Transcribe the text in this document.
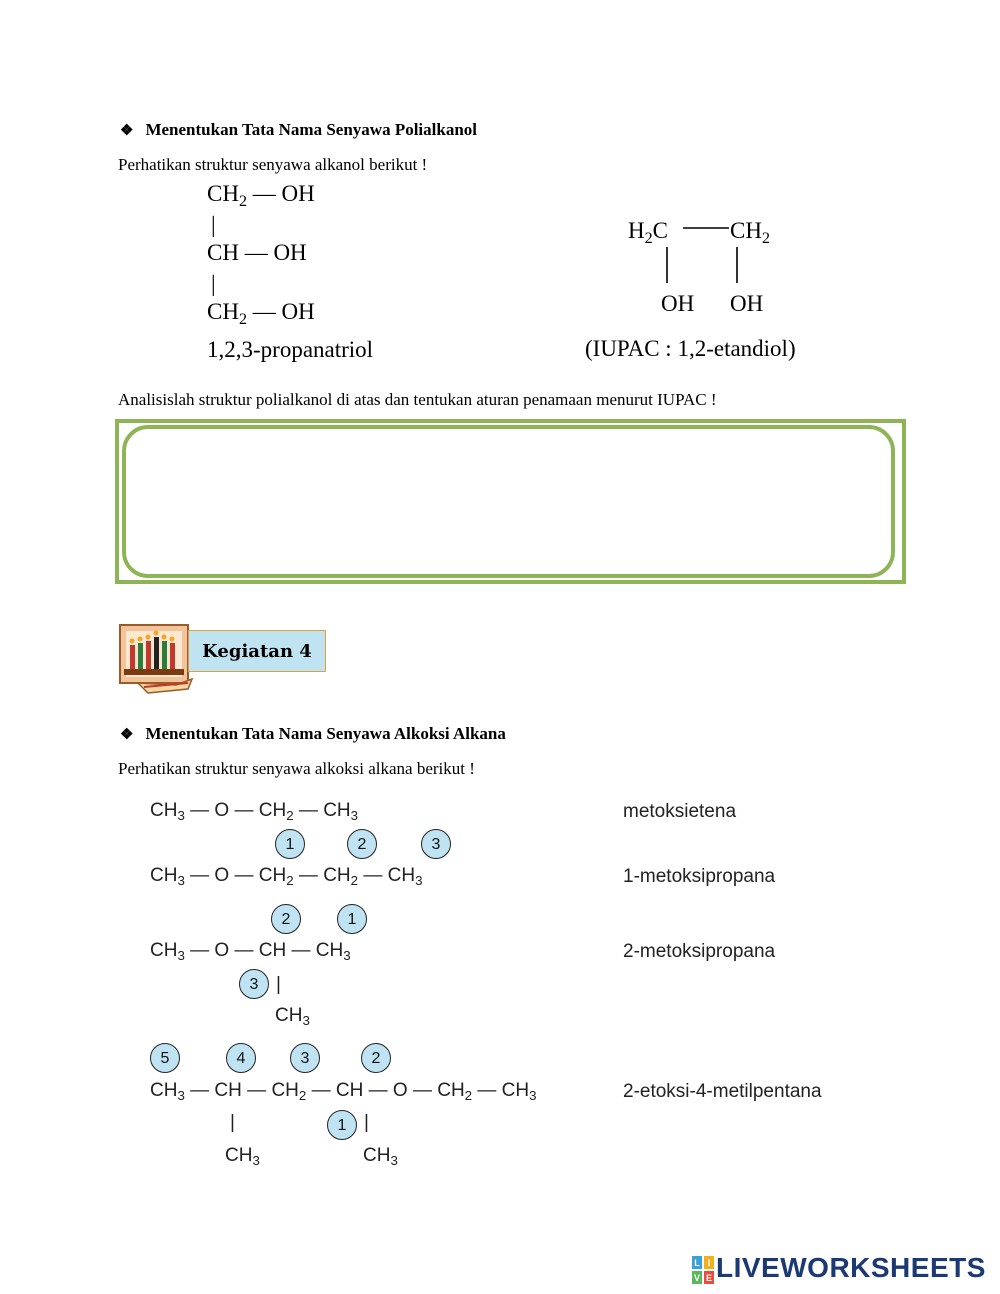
❖ Menentukan Tata Nama Senyawa Polialkanol
Perhatikan struktur senyawa alkanol berikut !
$CH_2$ — OH
|
CH — OH
|
$CH_2$ — OH
1,2,3-propanatriol
$H_2C$	$CH_2$
OH OH
(IUPAC : 1,2-etandiol)
Analisislah struktur polialkanol di atas dan tentukan aturan penamaan menurut IUPAC !
Kegiatan 4
❖ Menentukan Tata Nama Senyawa Alkoksi Alkana
Perhatikan struktur senyawa alkoksi alkana berikut !
$CH_3$ — O — $CH_2$ — $CH_3$	metoksietena
1	2	3
$CH_3$ — O — $CH_2$ — $CH_2$ — $CH_3$	1-metoksipropana
2	1
$CH_3$ — O — CH — $CH_3$	2-metoksipropana
3 |
$CH_3$
5	4	3	2
$CH_3$ — CH — $CH_2$ — CH — O — $CH_2$ — $CH_3$	2-etoksi-4-metilpentana
|	1 |
$CH_3$	$CH_3$
L I
V E LIVEWORKSHEETS
